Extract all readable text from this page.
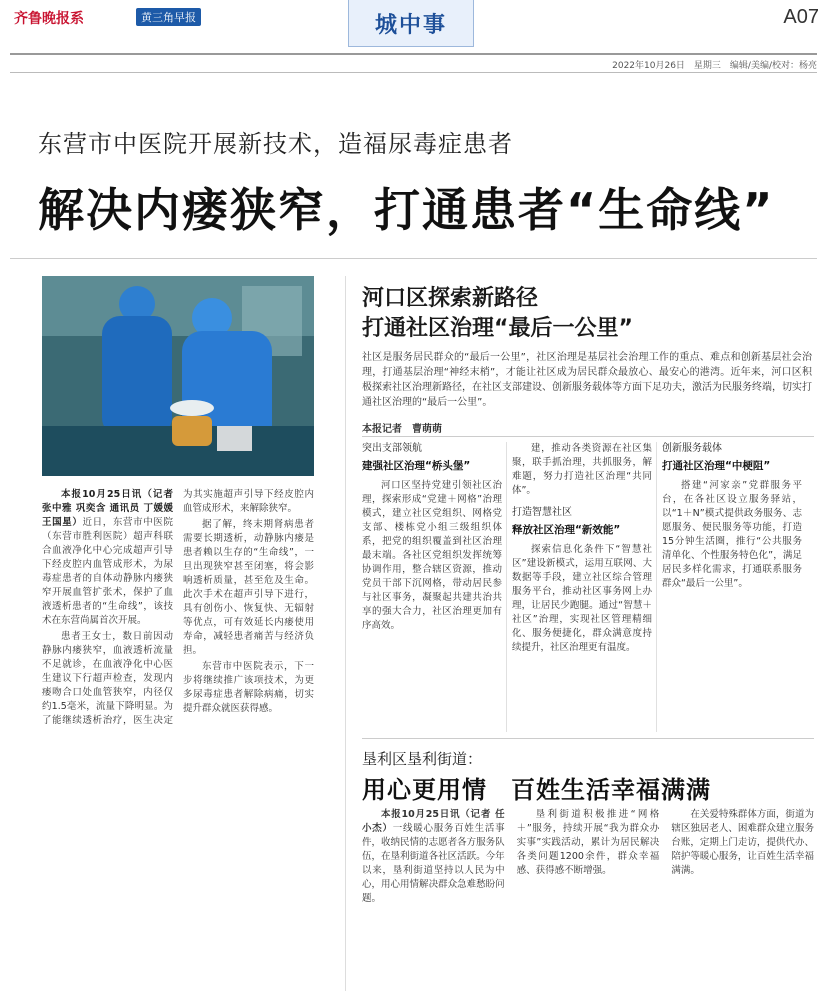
齐鲁晚报系	黄三角早报	城中事	A07
2022年10月26日　星期三　编辑/美编/校对：杨亮
东营市中医院开展新技术，造福尿毒症患者
解决内瘘狭窄，打通患者“生命线”

本报10月25日讯（记者 张中雅 巩奕含 通讯员 丁媛媛 王国星）近日，东营市中医院（东营市胜利医院）超声科联合血液净化中心完成超声引导下经皮腔内血管成形术，为尿毒症患者的自体动静脉内瘘狭窄开展血管扩张术，保护了血液透析患者的“生命线”，该技术在东营尚属首次开展。

患者王女士，数日前因动静脉内瘘狭窄，血液透析流量不足就诊，在血液净化中心医生建议下行超声检查，发现内瘘吻合口处血管狭窄，内径仅约1.5毫米，流量下降明显。为了能继续透析治疗，医生决定为其实施超声引导下经皮腔内血管成形术，来解除狭窄。

据了解，终末期肾病患者需要长期透析，动静脉内瘘是患者赖以生存的“生命线”，一旦出现狭窄甚至闭塞，将会影响透析质量，甚至危及生命。此次手术在超声引导下进行，具有创伤小、恢复快、无辐射等优点，可有效延长内瘘使用寿命，减轻患者痛苦与经济负担。

东营市中医院表示，下一步将继续推广该项技术，为更多尿毒症患者解除病痛，切实提升群众就医获得感。

河口区探索新路径
打通社区治理“最后一公里”
社区是服务居民群众的“最后一公里”，社区治理是基层社会治理工作的重点、难点和创新基层社会治理，打通基层治理“神经末梢”，才能让社区成为居民群众最放心、最安心的港湾。近年来，河口区积极探索社区治理新路径，在社区支部建设、创新服务载体等方面下足功夫，激活为民服务终端，切实打通社区治理的“最后一公里”。
本报记者　曹萌萌
突出支部领航
建强社区治理“桥头堡”

河口区坚持党建引领社区治理，探索形成“党建＋网格”治理模式，建立社区党组织、网格党支部、楼栋党小组三级组织体系，把党的组织覆盖到社区治理最末端。各社区党组织发挥统筹协调作用，整合辖区资源，推动党员干部下沉网格，带动居民参与社区事务，凝聚起共建共治共享的强大合力，社区治理更加有序高效。

建，推动各类资源在社区集聚，联手抓治理，共抓服务，解难题，努力打造社区治理“共同体”。

打造智慧社区
释放社区治理“新效能”

探索信息化条件下“智慧社区”建设新模式，运用互联网、大数据等手段，建立社区综合管理服务平台，推动社区事务网上办理，让居民少跑腿。通过“智慧＋社区”治理，实现社区管理精细化、服务便捷化，群众满意度持续提升，社区治理更有温度。

创新服务载体
打通社区治理“中梗阻”

搭建“河家亲”党群服务平台，在各社区设立服务驿站，以“1＋N”模式提供政务服务、志愿服务、便民服务等功能，打造15分钟生活圈，推行“公共服务清单化、个性服务特色化”，满足居民多样化需求，打通联系服务群众“最后一公里”。

垦利区垦利街道：
用心更用情 百姓生活幸福满满

本报10月25日讯（记者 任小杰）一线暖心服务百姓生活事件，收纳民情的志愿者各方服务队伍，在垦利街道各社区活跃。今年以来，垦利街道坚持以人民为中心，用心用情解决群众急难愁盼问题。

垦利街道积极推进“网格＋”服务，持续开展“我为群众办实事”实践活动，累计为居民解决各类问题1200余件，群众幸福感、获得感不断增强。

在关爱特殊群体方面，街道为辖区独居老人、困难群众建立服务台账，定期上门走访，提供代办、陪护等暖心服务，让百姓生活幸福满满。
